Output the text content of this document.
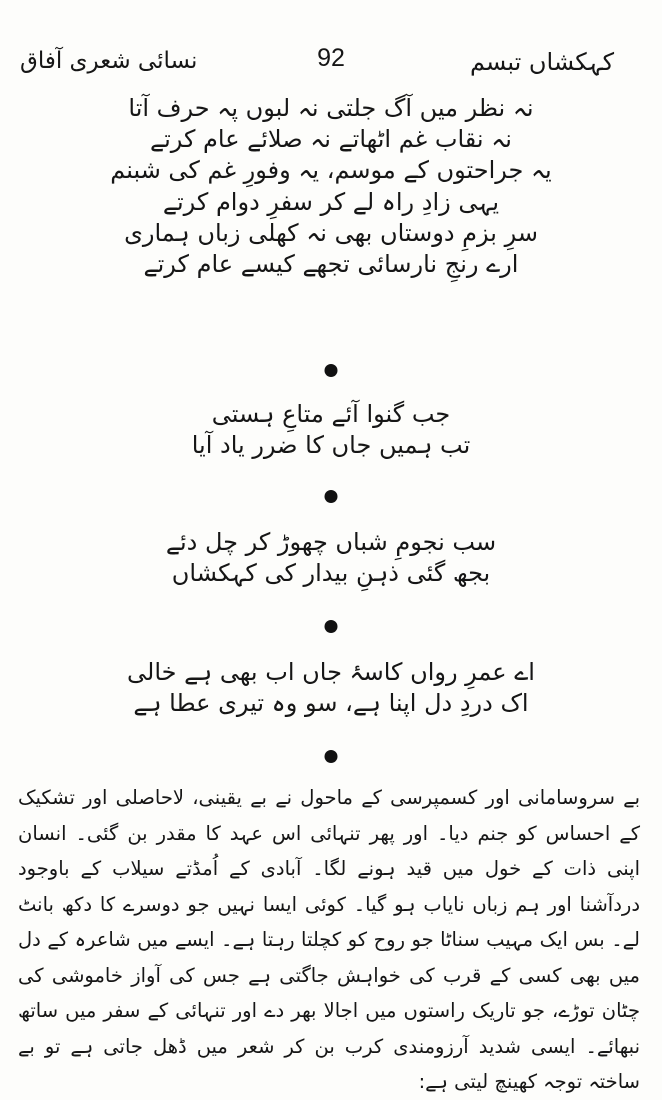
کہکشاں تبسم
92
نسائی شعری آفاق
نہ نظر میں آگ جلتی نہ لبوں پہ حرف آتا
نہ نقاب غم اٹھاتے نہ صلائے عام کرتے
یہ جراحتوں کے موسم، یہ وفورِ غم کی شبنم
یہی زادِ راہ لے کر سفرِ دوام کرتے
سرِ بزمِ دوستاں بھی نہ کھلی زباں ہماری
ارے رنجِ نارسائی تجھے کیسے عام کرتے
جب گنوا آئے متاعِ ہستی
تب ہمیں جاں کا ضرر یاد آیا
سب نجومِ شباں چھوڑ کر چل دئے
بجھ گئی ذہنِ بیدار کی کہکشاں
اے عمرِ رواں کاسۂ جاں اب بھی ہے خالی
اک دردِ دل اپنا ہے، سو وہ تیری عطا ہے

بے سروسامانی اور کسمپرسی کے ماحول نے بے یقینی، لاحاصلی اور تشکیک کے احساس کو جنم دیا۔ اور پھر تنہائی اس عہد کا مقدر بن گئی۔ انسان اپنی ذات کے خول میں قید ہونے لگا۔ آبادی کے اُمڈتے سیلاب کے باوجود دردآشنا اور ہم زباں نایاب ہو گیا۔ کوئی ایسا نہیں جو دوسرے کا دکھ بانٹ لے۔ بس ایک مہیب سناٹا جو روح کو کچلتا رہتا ہے۔ ایسے میں شاعرہ کے دل میں بھی کسی کے قرب کی خواہش جاگتی ہے جس کی آواز خاموشی کی چٹان توڑے، جو تاریک راستوں میں اجالا بھر دے اور تنہائی کے سفر میں ساتھ نبھائے۔ ایسی شدید آرزومندی کرب بن کر شعر میں ڈھل جاتی ہے تو بے ساختہ توجہ کھینچ لیتی ہے:
